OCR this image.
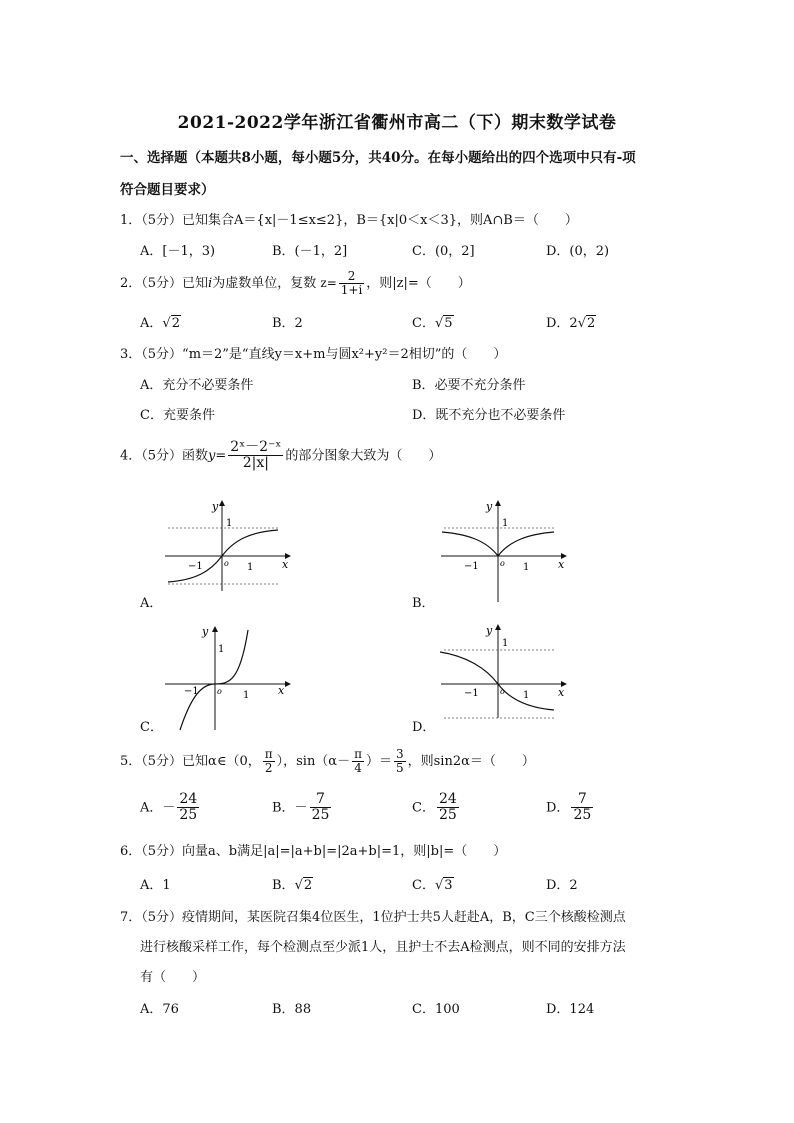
2021-2022学年浙江省衢州市高二（下）期末数学试卷
一、选择题（本题共8小题，每小题5分，共40分。在每小题给出的四个选项中只有-项
符合题目要求）
1．（5分）已知集合A＝{x|－1≤x≤2}，B＝{x|0＜x＜3}，则A∩B＝（　　）
A．[－1，3)	B．(－1，2]	C．(0，2]	D．(0，2)
2．（5分）已知i为虚数单位，复数 $z= \frac{2}{1+i}$ ，则|z|=（　　）
A．√2	B．2	C．√5	D．2√2
3．（5分）“m＝2”是“直线y＝x+m与圆x²+y²＝2相切”的（　　）
A．充分不必要条件	B．必要不充分条件
C．充要条件	D．既不充分也不必要条件
4．（5分）函数$y= \frac{\text{2ˣ－2⁻ˣ}}{2|x|}$ 的部分图象大致为（　　）
y
x
1
−1	1
o
A．
y
x
1
−1	1
o
B．
y
x
1
−1	1
o
C．
y
x
1
−1	1
o
D．
5．（5分）已知α∈（0， $\frac{\pi}{2}$ ），$\sin(\alpha- \frac{\pi}{4}$ ）＝ $\frac{3}{5}$ ，则sin2α＝（　　）
A．－ $\frac{24}{25}$	B．－ $\frac{7}{25}$	C． $\frac{24}{25}$	D． $\frac{7}{25}$
6．（5分）向量a、b满足|a|=|a+b|=|2a+b|=1，则|b|=（　　）
A．1	B．√2	C．√3	D．2
7．（5分）疫情期间，某医院召集4位医生，1位护士共5人赶赴A，B，C三个核酸检测点
进行核酸采样工作，每个检测点至少派1人，且护士不去A检测点，则不同的安排方法
有（　　）
A．76	B．88	C．100	D．124
